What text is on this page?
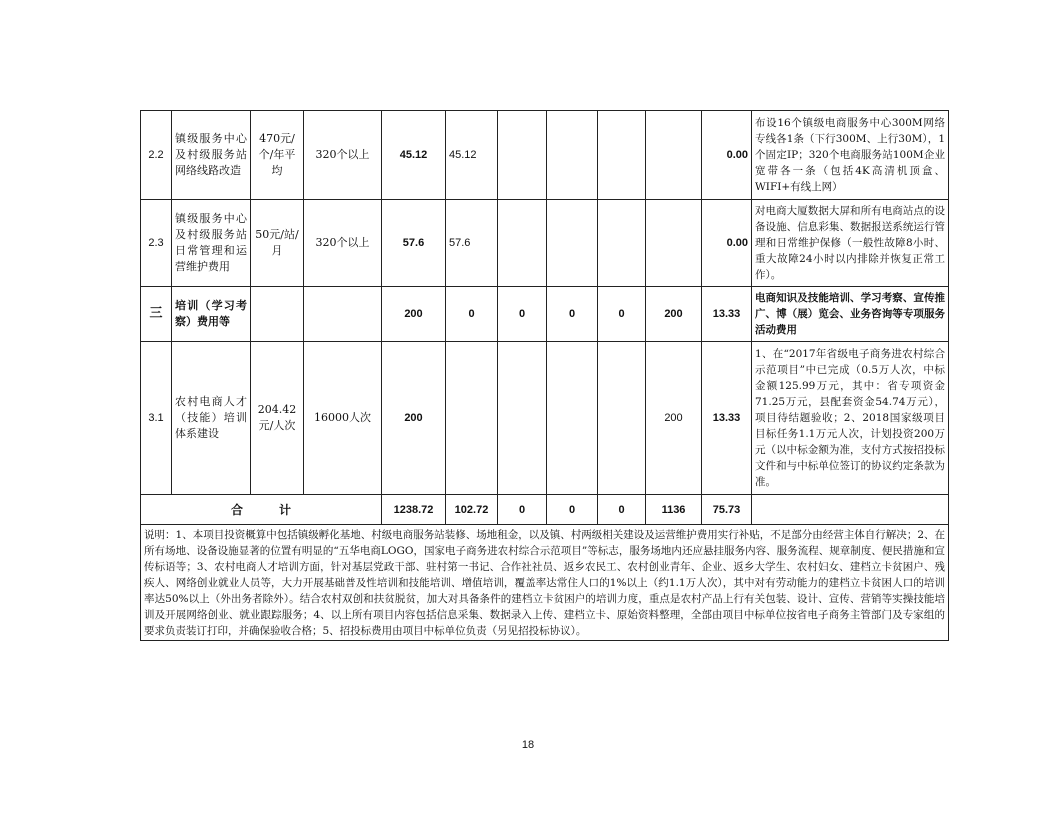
2.2	镇级服务中心及村级服务站网络线路改造	470元/个/年平均	320个以上	45.12	45.12					0.00	布设16个镇级电商服务中心300M网络专线各1条（下行300M、上行30M），1个固定IP；320个电商服务站100M企业宽带各一条（包括4K高清机顶盒、WIFI+有线上网）
2.3	镇级服务中心及村级服务站日常管理和运营维护费用	50元/站/月	320个以上	57.6	57.6					0.00	对电商大厦数据大屏和所有电商站点的设备设施、信息彩集、数据报送系统运行管理和日常维护保修（一般性故障8小时、重大故障24小时以内排除并恢复正常工作）。
三	培训（学习考察）费用等			200	0	0	0	0	200	13.33	电商知识及技能培训、学习考察、宣传推广、博（展）览会、业务咨询等专项服务活动费用
3.1	农村电商人才（技能）培训体系建设	204.42元/人次	16000人次	200					200	13.33	1、在“2017年省级电子商务进农村综合示范项目”中已完成（0.5万人次，中标金额125.99万元，其中：省专项资金71.25万元，县配套资金54.74万元），项目待结题验收；2、2018国家级项目目标任务1.1万元人次，计划投资200万元（以中标金额为准，支付方式按招投标文件和与中标单位签订的协议约定条款为准。
合　　　计				1238.72	102.72	0	0	0	1136	75.73	
说明：1、本项目投资概算中包括镇级孵化基地、村级电商服务站装修、场地租金，以及镇、村两级相关建设及运营维护费用实行补贴，不足部分由经营主体自行解决；2、在所有场地、设备设施显著的位置有明显的“五华电商LOGO，国家电子商务进农村综合示范项目”等标志，服务场地内还应悬挂服务内容、服务流程、规章制度、便民措施和宣传标语等；3、农村电商人才培训方面，针对基层党政干部、驻村第一书记、合作社社员、返乡农民工、农村创业青年、企业、返乡大学生、农村妇女、建档立卡贫困户、残疾人、网络创业就业人员等，大力开展基础普及性培训和技能培训、增值培训，覆盖率达常住人口的1%以上（约1.1万人次），其中对有劳动能力的建档立卡贫困人口的培训率达50%以上（外出务者除外）。结合农村双创和扶贫脱贫，加大对具备条件的建档立卡贫困户的培训力度，重点是农村产品上行有关包装、设计、宣传、营销等实操技能培训及开展网络创业、就业跟踪服务；4、以上所有项目内容包括信息采集、数据录入上传、建档立卡、原始资料整理，全部由项目中标单位按省电子商务主管部门及专家组的要求负责装订打印，并确保验收合格；5、招投标费用由项目中标单位负责（另见招投标协议）。											
18
